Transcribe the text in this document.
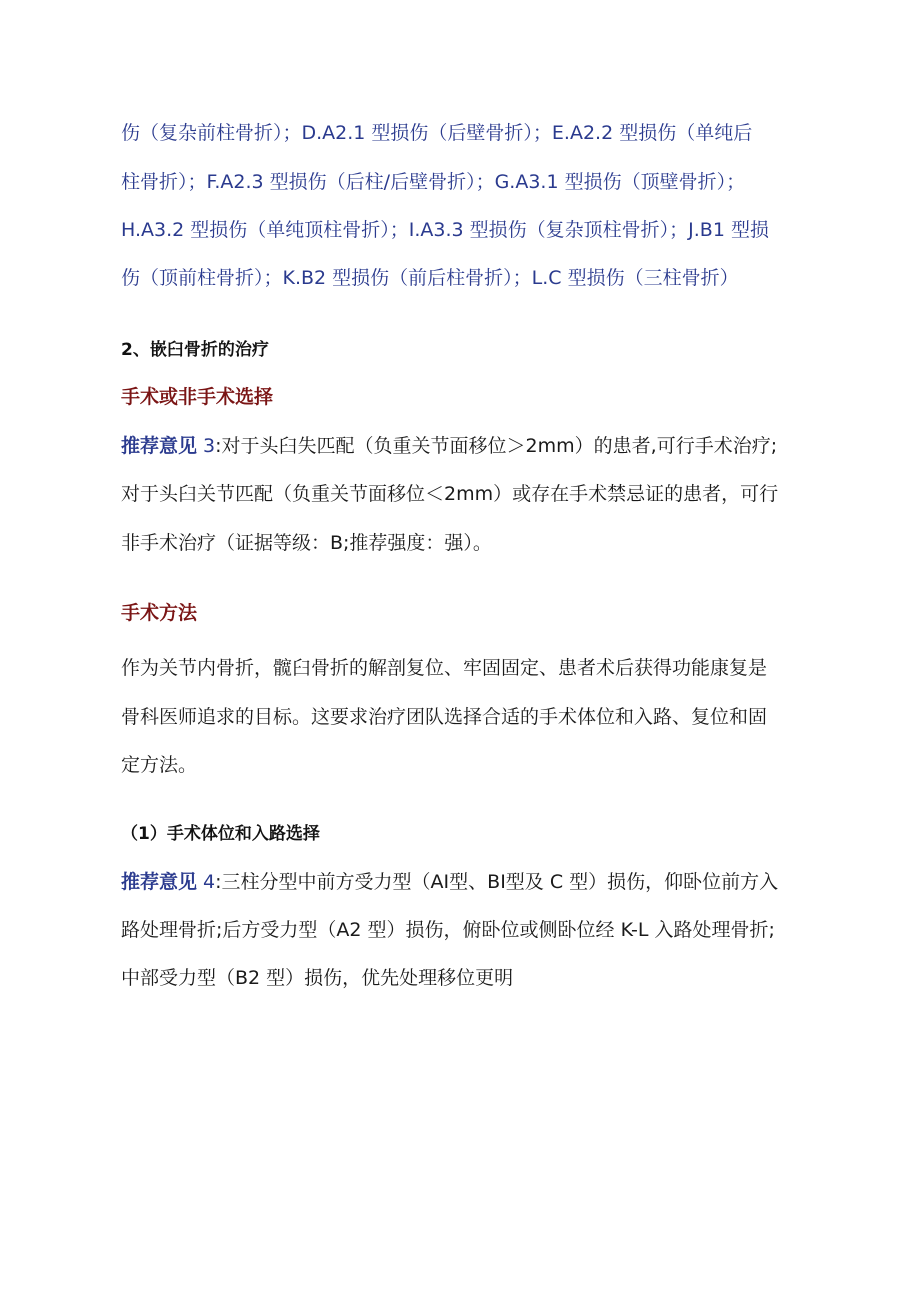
伤（复杂前柱骨折）；D.A2.1 型损伤（后壁骨折）；E.A2.2 型损伤（单纯后
柱骨折）；F.A2.3 型损伤（后柱/后壁骨折）；G.A3.1 型损伤（顶壁骨折）；
H.A3.2 型损伤（单纯顶柱骨折）；I.A3.3 型损伤（复杂顶柱骨折）；J.B1 型损
伤（顶前柱骨折）；K.B2 型损伤（前后柱骨折）；L.C 型损伤（三柱骨折）
2、嵌臼骨折的治疗
手术或非手术选择
推荐意见 3:对于头臼失匹配（负重关节面移位＞2mm）的患者,可行手术治疗;
对于头臼关节匹配（负重关节面移位＜2mm）或存在手术禁忌证的患者，可行
非手术治疗（证据等级：B;推荐强度：强）。
手术方法
作为关节内骨折，髋臼骨折的解剖复位、牢固固定、患者术后获得功能康复是
骨科医师追求的目标。这要求治疗团队选择合适的手术体位和入路、复位和固
定方法。
（1）手术体位和入路选择
推荐意见 4:三柱分型中前方受力型（AⅠ型、BⅠ型及 C 型）损伤，仰卧位前方入
路处理骨折;后方受力型（A2 型）损伤，俯卧位或侧卧位经 K-L 入路处理骨折;
中部受力型（B2 型）损伤，优先处理移位更明
